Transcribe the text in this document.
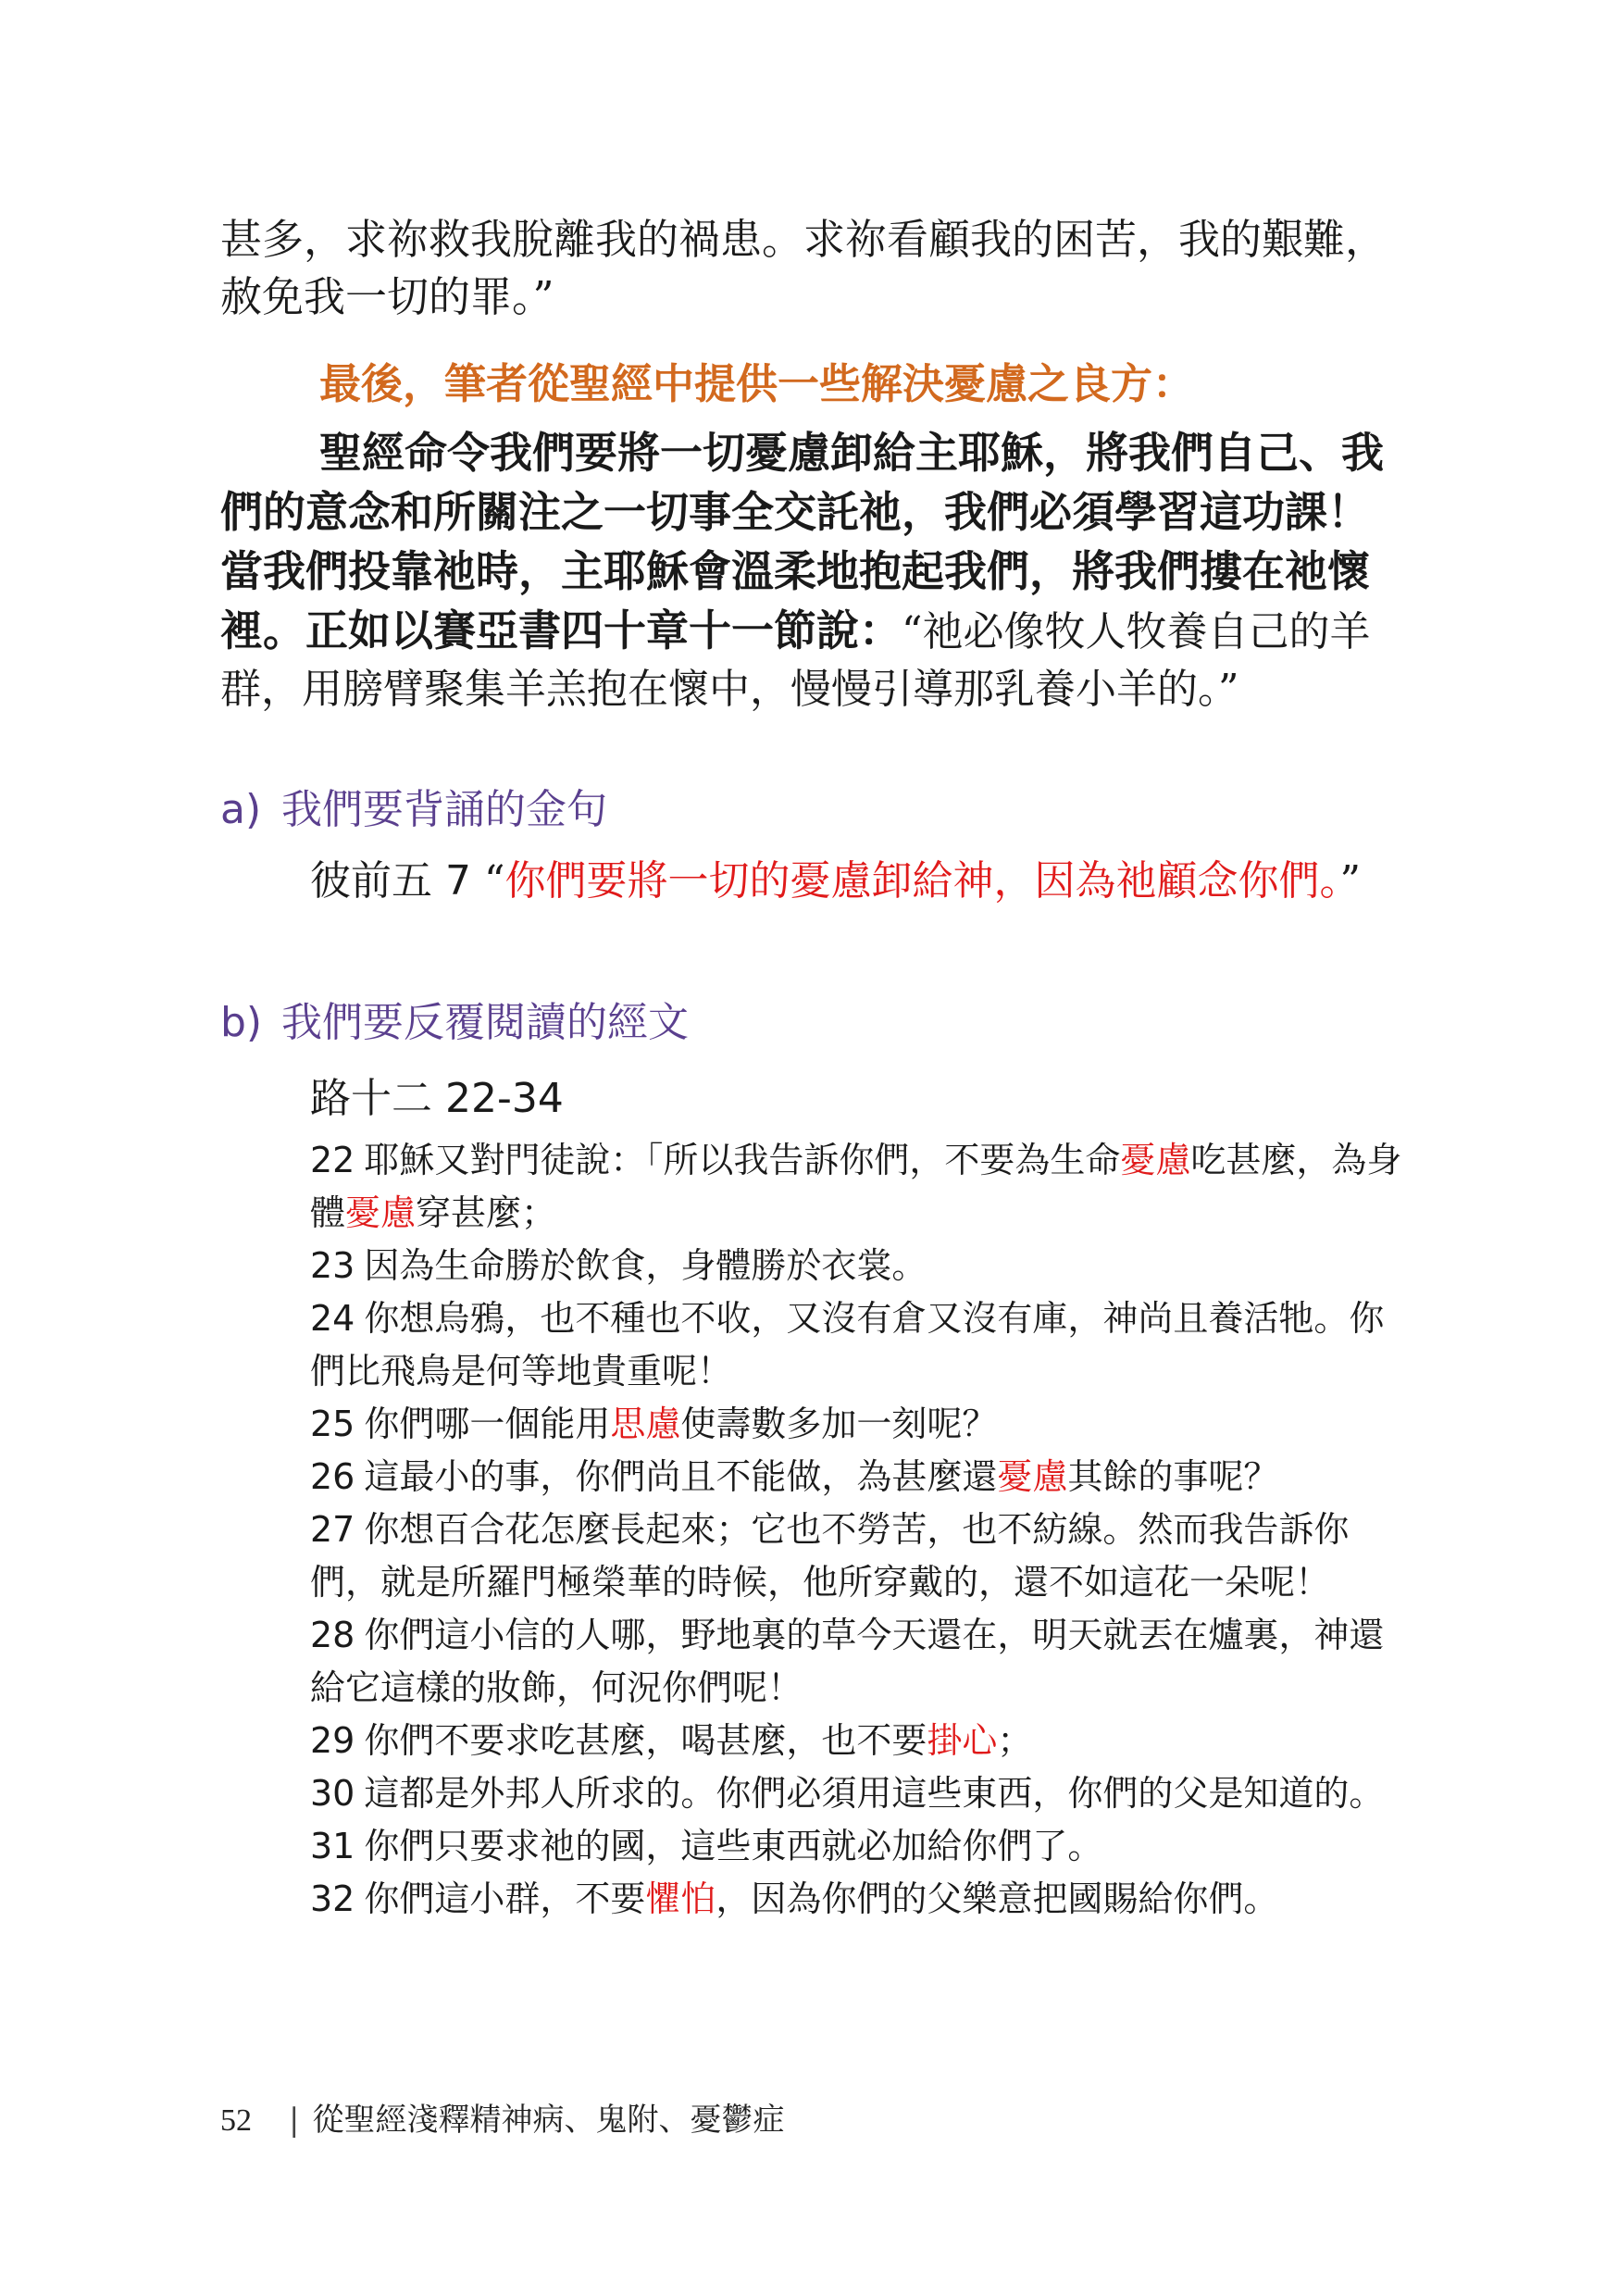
甚多，求祢救我脫離我的禍患。求祢看顧我的困苦，我的艱難，赦免我一切的罪。”
最後，筆者從聖經中提供一些解決憂慮之良方：
聖經命令我們要將一切憂慮卸給主耶穌，將我們自己、我們的意念和所關注之一切事全交託祂，我們必須學習這功課！當我們投靠祂時，主耶穌會溫柔地抱起我們，將我們摟在祂懷裡。正如以賽亞書四十章十一節說：“祂必像牧人牧養自己的羊群，用膀臂聚集羊羔抱在懷中，慢慢引導那乳養小羊的。”
a) 我們要背誦的金句
彼前五 7 “你們要將一切的憂慮卸給神，因為祂顧念你們。”
b) 我們要反覆閱讀的經文
路十二 22-34

22 耶穌又對門徒說：「所以我告訴你們，不要為生命憂慮吃甚麼，為身體憂慮穿甚麼；

23 因為生命勝於飲食，身體勝於衣裳。

24 你想烏鴉，也不種也不收，又沒有倉又沒有庫，神尚且養活牠。你們比飛鳥是何等地貴重呢！

25 你們哪一個能用思慮使壽數多加一刻呢？

26 這最小的事，你們尚且不能做，為甚麼還憂慮其餘的事呢？

27 你想百合花怎麼長起來；它也不勞苦，也不紡線。然而我告訴你們，就是所羅門極榮華的時候，他所穿戴的，還不如這花一朵呢！

28 你們這小信的人哪，野地裏的草今天還在，明天就丟在爐裏，神還給它這樣的妝飾，何況你們呢！

29 你們不要求吃甚麼，喝甚麼，也不要掛心；

30 這都是外邦人所求的。你們必須用這些東西，你們的父是知道的。

31 你們只要求祂的國，這些東西就必加給你們了。

32 你們這小群，不要懼怕，因為你們的父樂意把國賜給你們。

52 | 從聖經淺釋精神病、鬼附、憂鬱症
